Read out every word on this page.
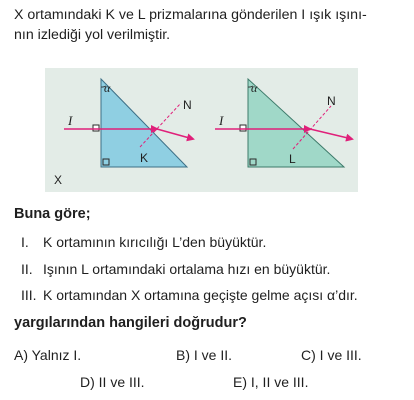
X ortamındaki K ve L prizmalarına gönderilen I ışık ışını-
nın izlediği yol verilmiştir.
I
α
N
K
I
α
N
L
X
Buna göre;
I. K ortamının kırıcılığı L’den büyüktür.
II. Işının L ortamındaki ortalama hızı en büyüktür.
III. K ortamından X ortamına geçişte gelme açısı α’dır.
yargılarından hangileri doğrudur?
A) Yalnız I.	B) I ve II.	C) I ve III.
D) II ve III.	E) I, II ve III.
